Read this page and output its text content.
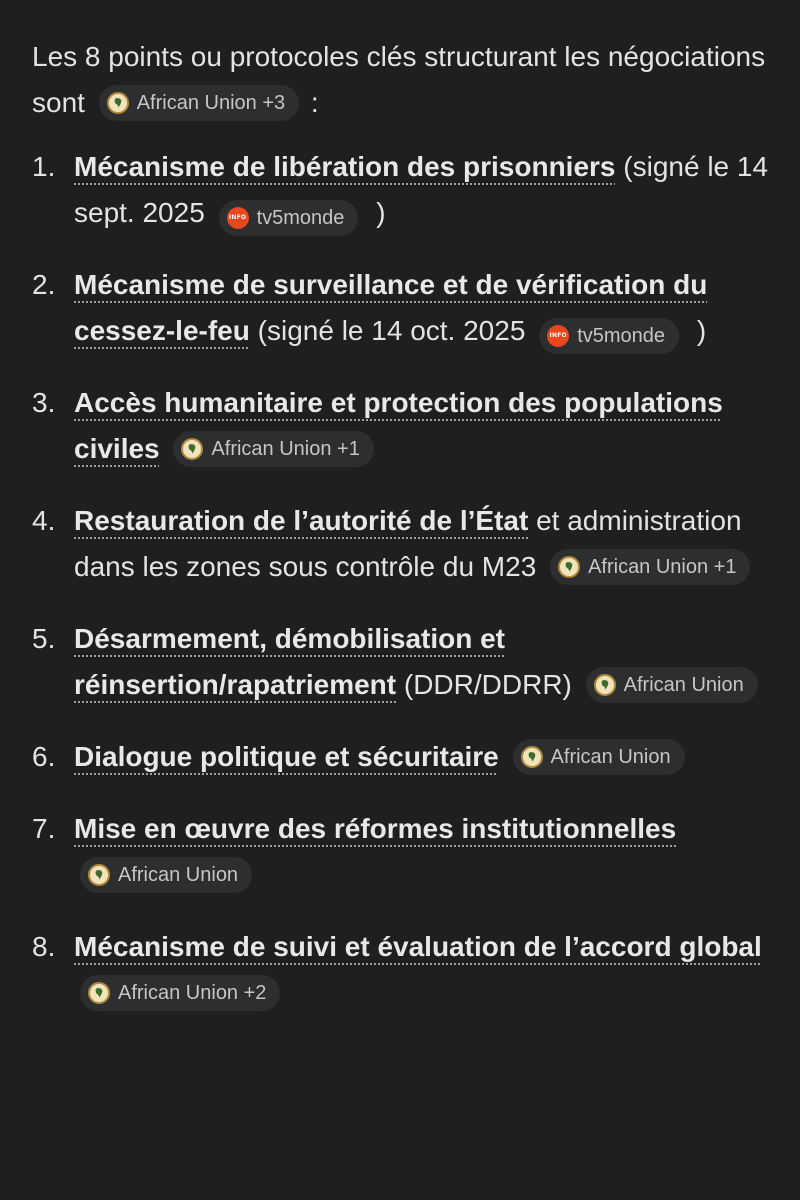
Les 8 points ou protocoles clés structurant les négociations sont	African Union +3 :

1. Mécanisme de libération des prisonniers (signé le 14 sept. 2025	INFO tv5monde )
2. Mécanisme de surveillance et de vérification du cessez-le-feu (signé le 14 oct. 2025	INFO tv5monde )
3. Accès humanitaire et protection des populations civiles	African Union +1
4. Restauration de l’autorité de l’État et administration dans les zones sous contrôle du M23	African Union +1
5. Désarmement, démobilisation et réinsertion/rapatriement (DDR/DDRR)	African Union
6. Dialogue politique et sécuritaire	African Union
7. Mise en œuvre des réformes institutionnelles
African Union
8. Mécanisme de suivi et évaluation de l’accord global
African Union +2
